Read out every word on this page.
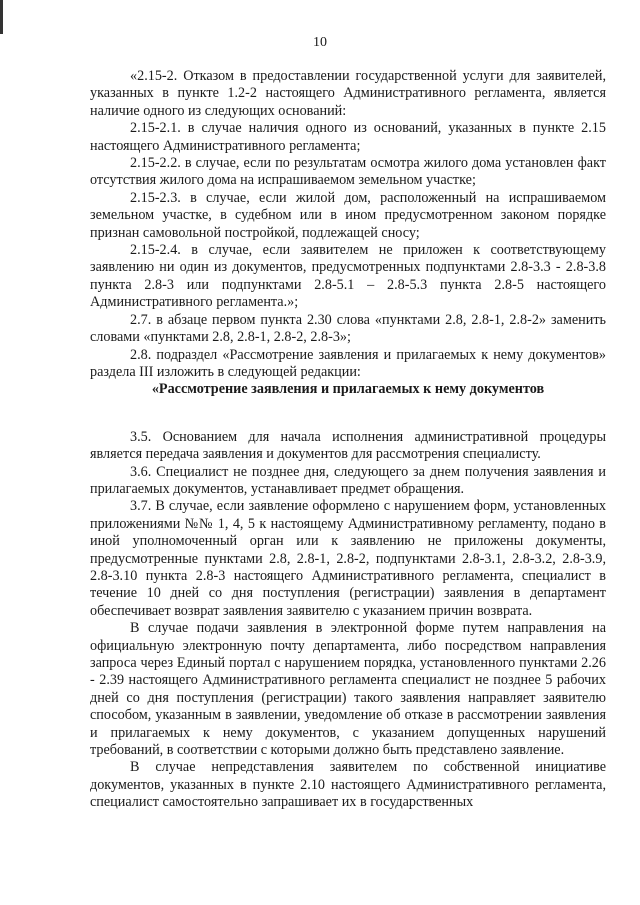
10

«2.15-2. Отказом в предоставлении государственной услуги для заявителей, указанных в пункте 1.2-2 настоящего Административного регламента, является наличие одного из следующих оснований:

2.15-2.1. в случае наличия одного из оснований, указанных в пункте 2.15 настоящего Административного регламента;

2.15-2.2. в случае, если по результатам осмотра жилого дома установлен факт отсутствия жилого дома на испрашиваемом земельном участке;

2.15-2.3. в случае, если жилой дом, расположенный на испрашиваемом земельном участке, в судебном или в ином предусмотренном законом порядке признан самовольной постройкой, подлежащей сносу;

2.15-2.4. в случае, если заявителем не приложен к соответствующему заявлению ни один из документов, предусмотренных подпунктами 2.8-3.3 - 2.8-3.8 пункта 2.8-3 или подпунктами 2.8-5.1 – 2.8-5.3 пункта 2.8-5 настоящего Административного регламента.»;

2.7. в абзаце первом пункта 2.30 слова «пунктами 2.8, 2.8-1, 2.8-2» заменить словами «пунктами 2.8, 2.8-1, 2.8-2, 2.8-3»;

2.8. подраздел «Рассмотрение заявления и прилагаемых к нему документов» раздела III изложить в следующей редакции:

«Рассмотрение заявления и прилагаемых к нему документов

3.5. Основанием для начала исполнения административной процедуры является передача заявления и документов для рассмотрения специалисту.

3.6. Специалист не позднее дня, следующего за днем получения заявления и прилагаемых документов, устанавливает предмет обращения.

3.7. В случае, если заявление оформлено с нарушением форм, установленных приложениями №№ 1, 4, 5 к настоящему Административному регламенту, подано в иной уполномоченный орган или к заявлению не приложены документы, предусмотренные пунктами 2.8, 2.8-1, 2.8-2, подпунктами 2.8-3.1, 2.8-3.2, 2.8-3.9, 2.8-3.10 пункта 2.8-3 настоящего Административного регламента, специалист в течение 10 дней со дня поступления (регистрации) заявления в департамент обеспечивает возврат заявления заявителю с указанием причин возврата.

В случае подачи заявления в электронной форме путем направления на официальную электронную почту департамента, либо посредством направления запроса через Единый портал с нарушением порядка, установленного пунктами 2.26 - 2.39 настоящего Административного регламента специалист не позднее 5 рабочих дней со дня поступления (регистрации) такого заявления направляет заявителю способом, указанным в заявлении, уведомление об отказе в рассмотрении заявления и прилагаемых к нему документов, с указанием допущенных нарушений требований, в соответствии с которыми должно быть представлено заявление.

В случае непредставления заявителем по собственной инициативе документов, указанных в пункте 2.10 настоящего Административного регламента, специалист самостоятельно запрашивает их в государственных
